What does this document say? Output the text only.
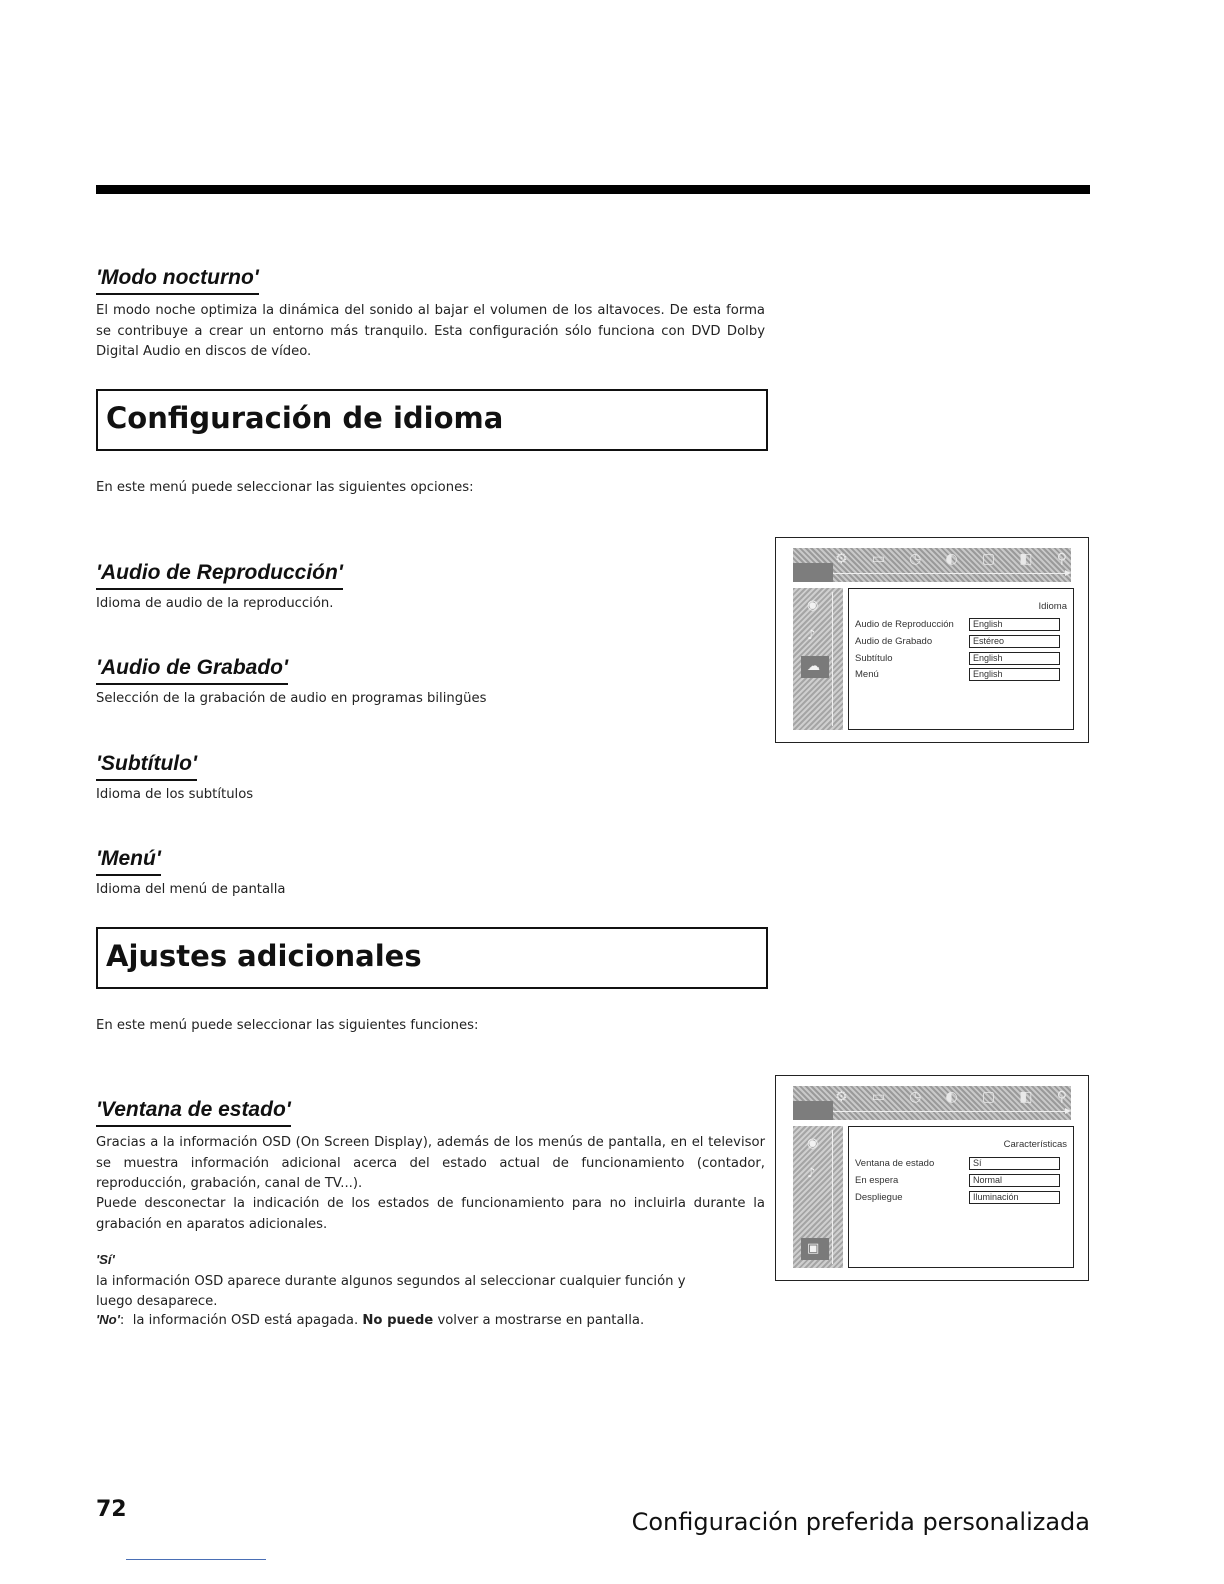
'Modo nocturno'
El modo noche optimiza la dinámica del sonido al bajar el volumen de los altavoces. De esta forma se contribuye a crear un entorno más tranquilo. Esta configuración sólo funciona con DVD Dolby Digital Audio en discos de vídeo.
Configuración de idioma
En este menú puede seleccionar las siguientes opciones:
'Audio de Reproducción'
Idioma de audio de la reproducción.
'Audio de Grabado'
Selección de la grabación de audio en programas bilingües
'Subtítulo'
Idioma de los subtítulos
'Menú'
Idioma del menú de pantalla
⚙ ▭ ◷ ◐ ▢ ◧ ⚲
◉
♪
☁
Idioma
Audio de Reproducción	English
Audio de Grabado	Estéreo
Subtítulo	English
Menú	English
Ajustes adicionales
En este menú puede seleccionar las siguientes funciones:
'Ventana de estado'
Gracias a la información OSD (On Screen Display), además de los menús de pantalla, en el televisor se muestra información adicional acerca del estado actual de funcionamiento (contador, reproducción, grabación, canal de TV...).
Puede desconectar la indicación de los estados de funcionamiento para no incluirla durante la grabación en aparatos adicionales.
'Sí' la información OSD aparece durante algunos segundos al seleccionar cualquier función y luego desaparece.
'No':  la información OSD está apagada. No puede volver a mostrarse en pantalla.
⚙ ▭ ◷ ◐ ▢ ◧ ⚲
◉
♪
▣
Características
Ventana de estado	Sí
En espera	Normal
Despliegue	Iluminación
72	Configuración preferida personalizada
